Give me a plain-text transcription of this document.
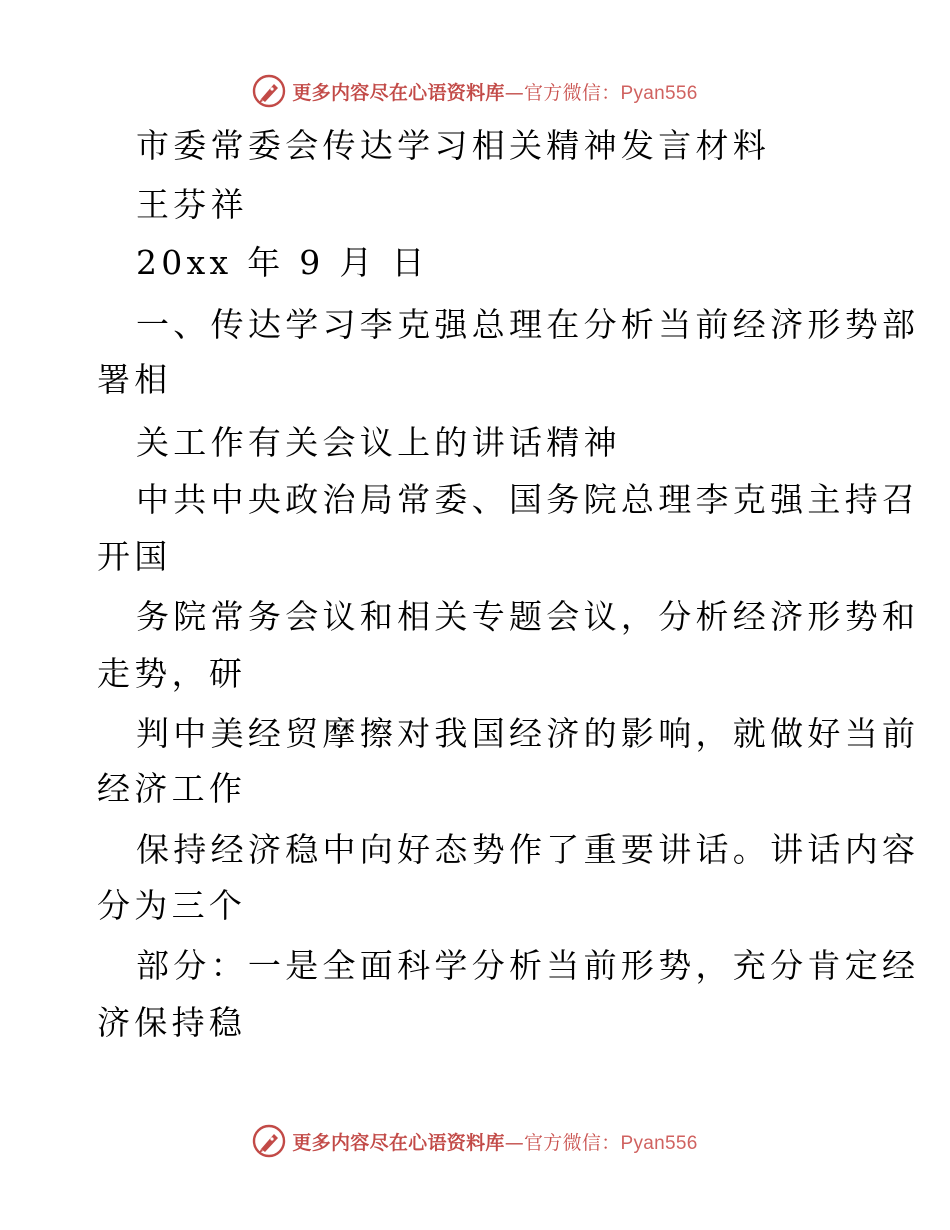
更多内容尽在心语资料库—官方微信：Pyan556
市委常委会传达学习相关精神发言材料
王芬祥
20xx 年 9 月 日
一、传达学习李克强总理在分析当前经济形势部
署相
关工作有关会议上的讲话精神
中共中央政治局常委、国务院总理李克强主持召
开国
务院常务会议和相关专题会议，分析经济形势和
走势，研
判中美经贸摩擦对我国经济的影响，就做好当前
经济工作
保持经济稳中向好态势作了重要讲话。讲话内容
分为三个
部分：一是全面科学分析当前形势，充分肯定经
济保持稳
更多内容尽在心语资料库—官方微信：Pyan556
